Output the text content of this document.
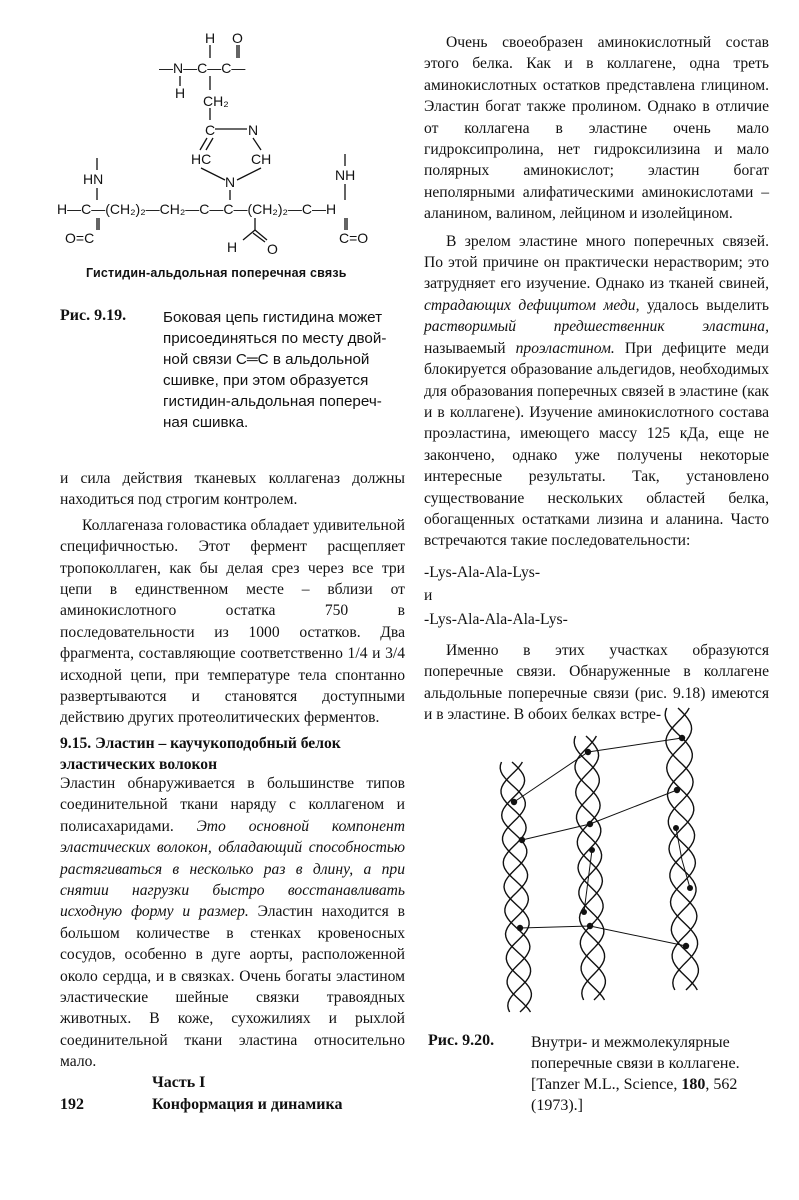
H O
—N—C—C—
H CH₂
C N
HC	CH
N
HN	NH
H—C—(CH₂)₂—CH₂—C—C—(CH₂)₂—C—H
O=C	C=O
H O
Гистидин-альдольная поперечная связь
Рис. 9.19. Боковая цепь гистидина может
присоединяться по месту двой-
ной связи C═C в альдольной
сшивке, при этом образуется
гистидин-альдольная попереч-
ная сшивка.

и сила действия тканевых коллагеназ должны находиться под строгим контролем.

Коллагеназа головастика обладает удивительной специфичностью. Этот фермент расщепляет тропоколлаген, как бы делая срез через все три цепи в единственном месте – вблизи от аминокислотного остатка 750 в последовательности из 1000 остатков. Два фрагмента, составляющие соответственно 1/4 и 3/4 исходной цепи, при температуре тела спонтанно развертываются и становятся доступными действию других протеолитических ферментов.

9.15. Эластин – каучукоподобный белок эластических волокон

Эластин обнаруживается в большинстве типов соединительной ткани наряду с коллагеном и полисахаридами. Это основной компонент эластических волокон, обладающий способностью растягиваться в несколько раз в длину, а при снятии нагрузки быстро восстанавливать исходную форму и размер. Эластин находится в большом количестве в стенках кровеносных сосудов, особенно в дуге аорты, расположенной около сердца, и в связках. Очень богаты эластином эластические шейные связки травоядных животных. В коже, сухожилиях и рыхлой соединительной ткани эластина относительно мало.

Очень своеобразен аминокислотный состав этого белка. Как и в коллагене, одна треть аминокислотных остатков представлена глицином. Эластин богат также пролином. Однако в отличие от коллагена в эластине очень мало гидроксипролина, нет гидроксилизина и мало полярных аминокислот; эластин богат неполярными алифатическими аминокислотами – аланином, валином, лейцином и изолейцином.

В зрелом эластине много поперечных связей. По этой причине он практически нерастворим; это затрудняет его изучение. Однако из тканей свиней, страдающих дефицитом меди, удалось выделить растворимый предшественник эластина, называемый проэластином. При дефиците меди блокируется образование альдегидов, необходимых для образования поперечных связей в эластине (как и в коллагене). Изучение аминокислотного состава проэластина, имеющего массу 125 кДа, еще не закончено, однако уже получены некоторые интересные результаты. Так, установлено существование нескольких областей белка, обогащенных остатками лизина и аланина. Часто встречаются такие последовательности:

-Lys-Ala-Ala-Lys-

и

-Lys-Ala-Ala-Ala-Lys-

Именно в этих участках образуются поперечные связи. Обнаруженные в коллагене альдольные поперечные связи (рис. 9.18) имеются и в эластине. В обоих белках встре-

Рис. 9.20. Внутри- и межмолекулярные
поперечные связи в коллагене.
[Tanzer M.L., Science, 180, 562
(1973).]
192
Часть I
Конформация и динамика
